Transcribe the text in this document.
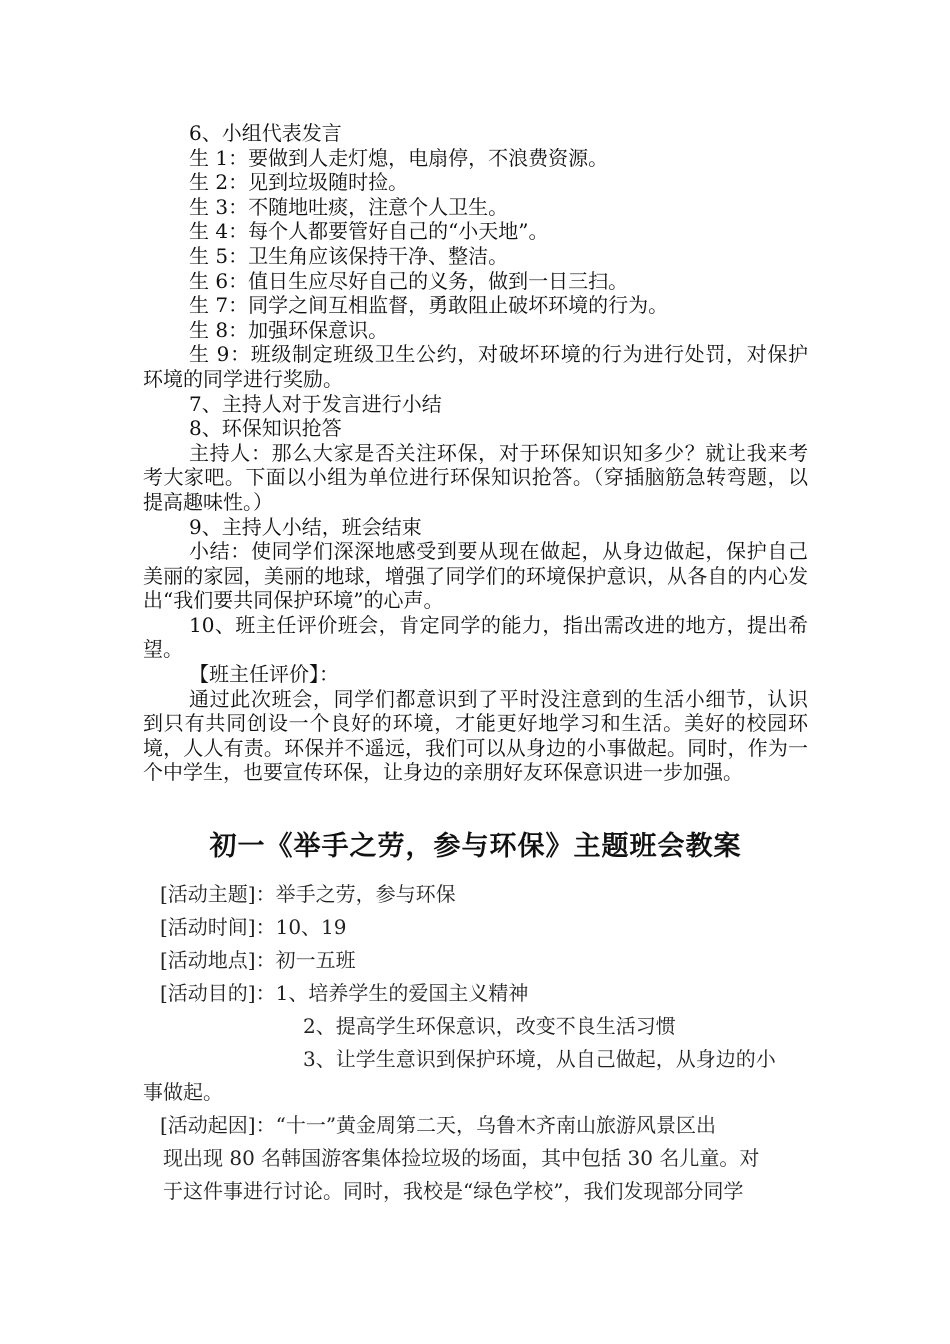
6、小组代表发言

生 1：要做到人走灯熄，电扇停，不浪费资源。

生 2：见到垃圾随时捡。

生 3：不随地吐痰，注意个人卫生。

生 4：每个人都要管好自己的“小天地”。

生 5：卫生角应该保持干净、整洁。

生 6：值日生应尽好自己的义务，做到一日三扫。

生 7：同学之间互相监督，勇敢阻止破坏环境的行为。

生 8：加强环保意识。

生 9：班级制定班级卫生公约，对破坏环境的行为进行处罚，对保护环境的同学进行奖励。

7、主持人对于发言进行小结

8、环保知识抢答

主持人：那么大家是否关注环保，对于环保知识知多少？就让我来考考大家吧。下面以小组为单位进行环保知识抢答。（穿插脑筋急转弯题，以提高趣味性。）

9、主持人小结，班会结束

小结：使同学们深深地感受到要从现在做起，从身边做起，保护自己美丽的家园，美丽的地球，增强了同学们的环境保护意识，从各自的内心发出“我们要共同保护环境”的心声。

10、班主任评价班会，肯定同学的能力，指出需改进的地方，提出希望。

【班主任评价】：

通过此次班会，同学们都意识到了平时没注意到的生活小细节，认识到只有共同创设一个良好的环境，才能更好地学习和生活。美好的校园环境，人人有责。环保并不遥远，我们可以从身边的小事做起。同时，作为一个中学生，也要宣传环保，让身边的亲朋好友环保意识进一步加强。

初一《举手之劳，参与环保》主题班会教案

[活动主题]：举手之劳，参与环保

[活动时间]：10、19

[活动地点]：初一五班

[活动目的]：1、培养学生的爱国主义精神

2、提高学生环保意识，改变不良生活习惯

3、让学生意识到保护环境，从自己做起，从身边的小

事做起。

[活动起因]：“十一”黄金周第二天，乌鲁木齐南山旅游风景区出

现出现 80 名韩国游客集体捡垃圾的场面，其中包括 30 名儿童。对

于这件事进行讨论。同时，我校是“绿色学校”，我们发现部分同学
